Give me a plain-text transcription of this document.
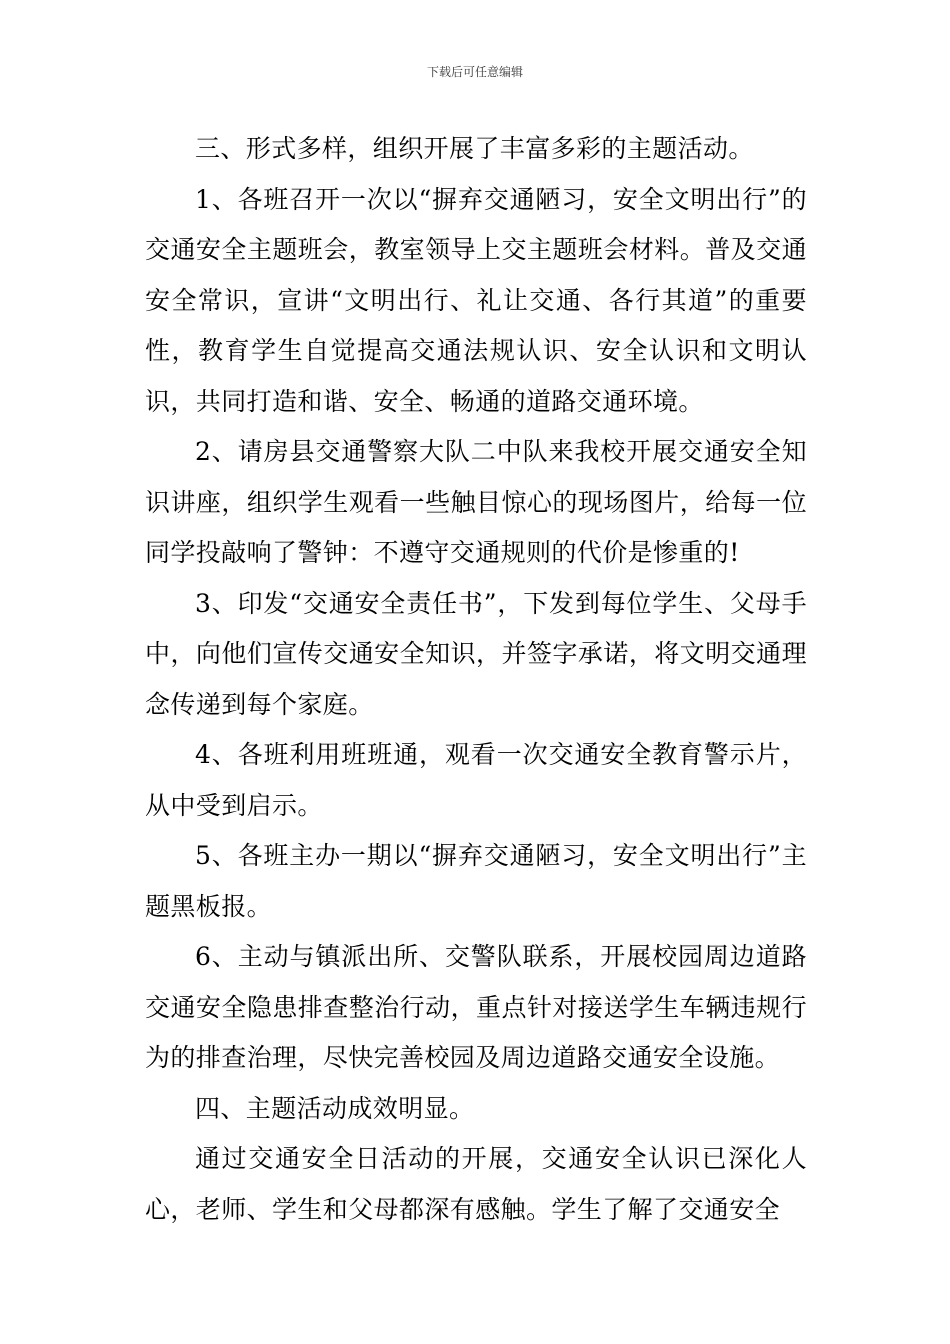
下载后可任意编辑

三、形式多样，组织开展了丰富多彩的主题活动。

1、各班召开一次以“摒弃交通陋习，安全文明出行”的交通安全主题班会，教室领导上交主题班会材料。普及交通安全常识，宣讲“文明出行、礼让交通、各行其道”的重要性，教育学生自觉提高交通法规认识、安全认识和文明认识，共同打造和谐、安全、畅通的道路交通环境。

2、请房县交通警察大队二中队来我校开展交通安全知识讲座，组织学生观看一些触目惊心的现场图片，给每一位同学投敲响了警钟：不遵守交通规则的代价是惨重的!

3、印发“交通安全责任书”，下发到每位学生、父母手中，向他们宣传交通安全知识，并签字承诺，将文明交通理念传递到每个家庭。

4、各班利用班班通，观看一次交通安全教育警示片，从中受到启示。

5、各班主办一期以“摒弃交通陋习，安全文明出行”主题黑板报。

6、主动与镇派出所、交警队联系，开展校园周边道路交通安全隐患排查整治行动，重点针对接送学生车辆违规行为的排查治理，尽快完善校园及周边道路交通安全设施。

四、主题活动成效明显。

通过交通安全日活动的开展，交通安全认识已深化人心，老师、学生和父母都深有感触。学生了解了交通安全
